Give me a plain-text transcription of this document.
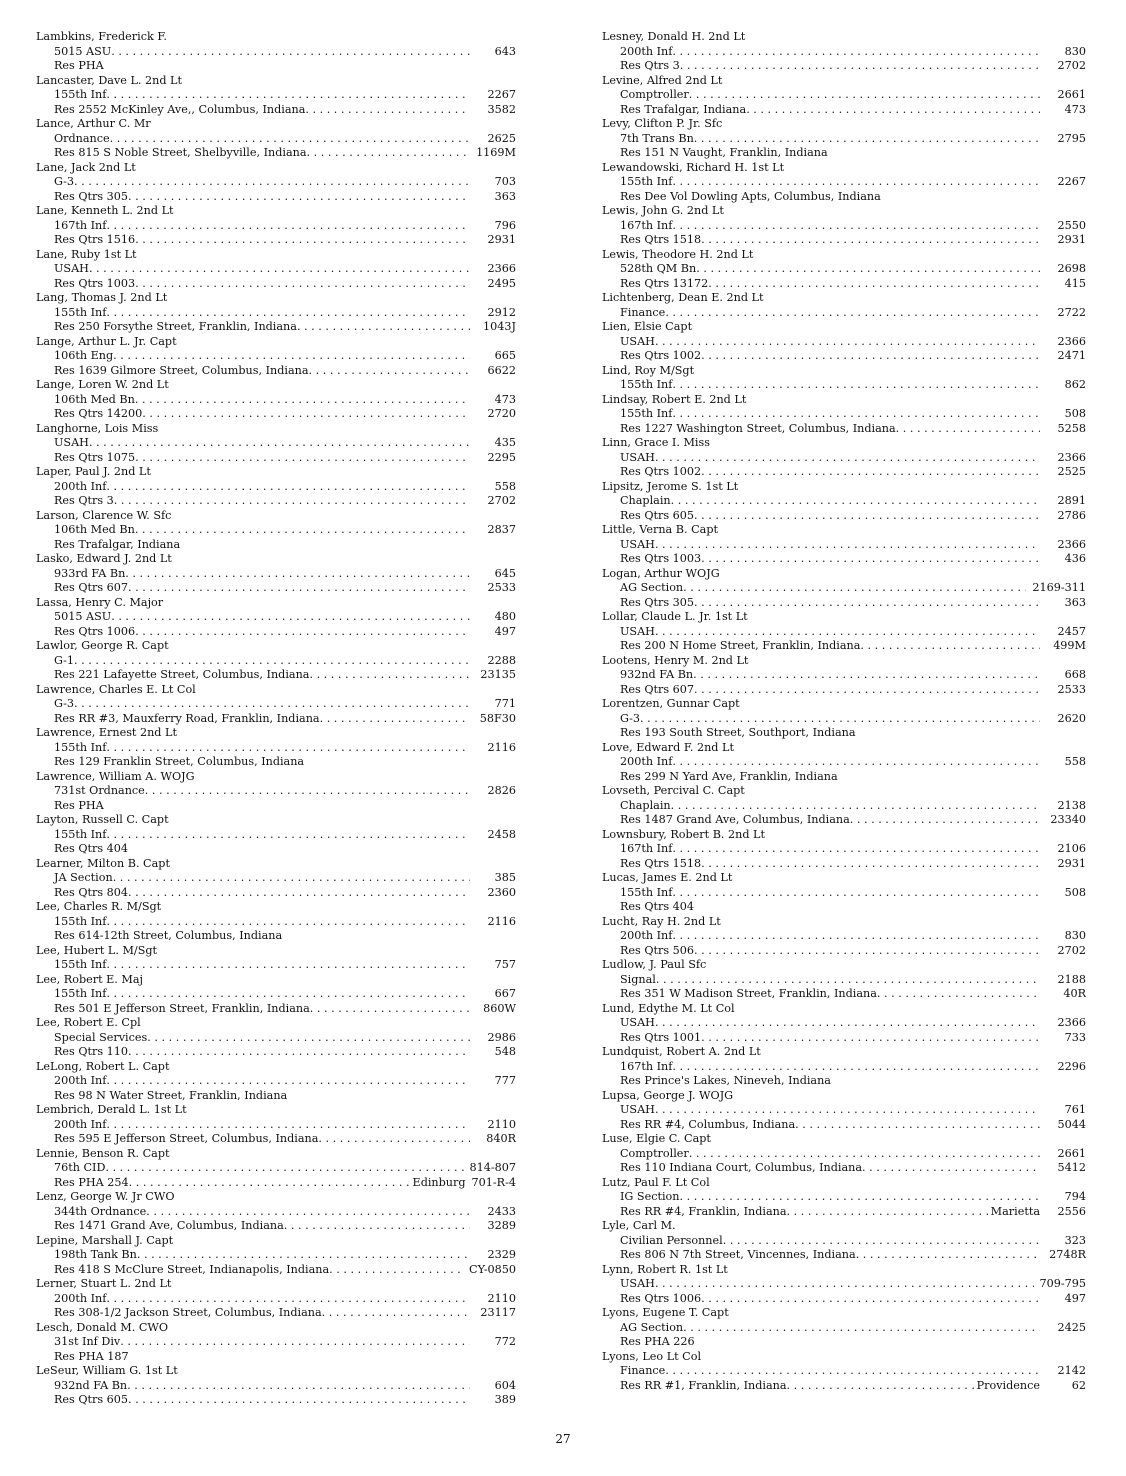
Lambkins, Frederick F.
5015 ASU . . .	643
Res PHA
Lancaster, Dave L. 2nd Lt
155th Inf . . .	2267
Res 2552 McKinley Ave,, Columbus, Indiana . . .	3582
Lance, Arthur C. Mr
Ordnance . . .	2625
Res 815 S Noble Street, Shelbyville, Indiana . . .	1169M
Lane, Jack 2nd Lt
G-3 . . .	703
Res Qtrs 305 . . .	363
Lane, Kenneth L. 2nd Lt
167th Inf . . .	796
Res Qtrs 1516 . . .	2931
Lane, Ruby 1st Lt
USAH . . .	2366
Res Qtrs 1003 . . .	2495
Lang, Thomas J. 2nd Lt
155th Inf . . .	2912
Res 250 Forsythe Street, Franklin, Indiana . . .	1043J
Lange, Arthur L. Jr. Capt
106th Eng . . .	665
Res 1639 Gilmore Street, Columbus, Indiana . . .	6622
Lange, Loren W. 2nd Lt
106th Med Bn . . .	473
Res Qtrs 14200 . . .	2720
Langhorne, Lois Miss
USAH . . .	435
Res Qtrs 1075 . . .	2295
Laper, Paul J. 2nd Lt
200th Inf . . .	558
Res Qtrs 3 . . .	2702
Larson, Clarence W. Sfc
106th Med Bn . . .	2837
Res Trafalgar, Indiana
Lasko, Edward J. 2nd Lt
933rd FA Bn . . .	645
Res Qtrs 607 . . .	2533
Lassa, Henry C. Major
5015 ASU . . .	480
Res Qtrs 1006 . . .	497
Lawlor, George R. Capt
G-1 . . .	2288
Res 221 Lafayette Street, Columbus, Indiana . . .	23135
Lawrence, Charles E. Lt Col
G-3 . . .	771
Res RR #3, Mauxferry Road, Franklin, Indiana . . .	58F30
Lawrence, Ernest 2nd Lt
155th Inf . . .	2116
Res 129 Franklin Street, Columbus, Indiana
Lawrence, William A. WOJG
731st Ordnance . . .	2826
Res PHA
Layton, Russell C. Capt
155th Inf . . .	2458
Res Qtrs 404
Learner, Milton B. Capt
JA Section . . .	385
Res Qtrs 804 . . .	2360
Lee, Charles R. M/Sgt
155th Inf . . .	2116
Res 614-12th Street, Columbus, Indiana
Lee, Hubert L. M/Sgt
155th Inf . . .	757
Lee, Robert E. Maj
155th Inf . . .	667
Res 501 E Jefferson Street, Franklin, Indiana . . .	860W
Lee, Robert E. Cpl
Special Services . . .	2986
Res Qtrs 110 . . .	548
LeLong, Robert L. Capt
200th Inf . . .	777
Res 98 N Water Street, Franklin, Indiana
Lembrich, Derald L. 1st Lt
200th Inf . . .	2110
Res 595 E Jefferson Street, Columbus, Indiana . . .	840R
Lennie, Benson R. Capt
76th CID . . .	814-807
Res PHA 254 . . .	Edinburg 701-R-4
Lenz, George W. Jr CWO
344th Ordnance . . .	2433
Res 1471 Grand Ave, Columbus, Indiana . . .	3289
Lepine, Marshall J. Capt
198th Tank Bn . . .	2329
Res 418 S McClure Street, Indianapolis, Indiana . . .	CY-0850
Lerner, Stuart L. 2nd Lt
200th Inf . . .	2110
Res 308-1/2 Jackson Street, Columbus, Indiana . . .	23117
Lesch, Donald M. CWO
31st Inf Div . . .	772
Res PHA 187
LeSeur, William G. 1st Lt
932nd FA Bn . . .	604
Res Qtrs 605 . . .	389
Lesney, Donald H. 2nd Lt
200th Inf . . .	830
Res Qtrs 3 . . .	2702
Levine, Alfred 2nd Lt
Comptroller . . .	2661
Res Trafalgar, Indiana . . .	473
Levy, Clifton P. Jr. Sfc
7th Trans Bn . . .	2795
Res 151 N Vaught, Franklin, Indiana
Lewandowski, Richard H. 1st Lt
155th Inf . . .	2267
Res Dee Vol Dowling Apts, Columbus, Indiana
Lewis, John G. 2nd Lt
167th Inf . . .	2550
Res Qtrs 1518 . . .	2931
Lewis, Theodore H. 2nd Lt
528th QM Bn . . .	2698
Res Qtrs 13172 . . .	415
Lichtenberg, Dean E. 2nd Lt
Finance . . .	2722
Lien, Elsie Capt
USAH . . .	2366
Res Qtrs 1002 . . .	2471
Lind, Roy M/Sgt
155th Inf . . .	862
Lindsay, Robert E. 2nd Lt
155th Inf . . .	508
Res 1227 Washington Street, Columbus, Indiana . . .	5258
Linn, Grace I. Miss
USAH . . .	2366
Res Qtrs 1002 . . .	2525
Lipsitz, Jerome S. 1st Lt
Chaplain . . .	2891
Res Qtrs 605 . . .	2786
Little, Verna B. Capt
USAH . . .	2366
Res Qtrs 1003 . . .	436
Logan, Arthur WOJG
AG Section . . .	2169-311
Res Qtrs 305 . . .	363
Lollar, Claude L. Jr. 1st Lt
USAH . . .	2457
Res 200 N Home Street, Franklin, Indiana . . .	499M
Lootens, Henry M. 2nd Lt
932nd FA Bn . . .	668
Res Qtrs 607 . . .	2533
Lorentzen, Gunnar Capt
G-3 . . .	2620
Res 193 South Street, Southport, Indiana
Love, Edward F. 2nd Lt
200th Inf . . .	558
Res 299 N Yard Ave, Franklin, Indiana
Lovseth, Percival C. Capt
Chaplain . . .	2138
Res 1487 Grand Ave, Columbus, Indiana . . .	23340
Lownsbury, Robert B. 2nd Lt
167th Inf . . .	2106
Res Qtrs 1518 . . .	2931
Lucas, James E. 2nd Lt
155th Inf . . .	508
Res Qtrs 404
Lucht, Ray H. 2nd Lt
200th Inf . . .	830
Res Qtrs 506 . . .	2702
Ludlow, J. Paul Sfc
Signal . . .	2188
Res 351 W Madison Street, Franklin, Indiana . . .	40R
Lund, Edythe M. Lt Col
USAH . . .	2366
Res Qtrs 1001 . . .	733
Lundquist, Robert A. 2nd Lt
167th Inf . . .	2296
Res Prince's Lakes, Nineveh, Indiana
Lupsa, George J. WOJG
USAH . . .	761
Res RR #4, Columbus, Indiana . . .	5044
Luse, Elgie C. Capt
Comptroller . . .	2661
Res 110 Indiana Court, Columbus, Indiana . . .	5412
Lutz, Paul F. Lt Col
IG Section . . .	794
Res RR #4, Franklin, Indiana . . .	Marietta	2556
Lyle, Carl M.
Civilian Personnel . . .	323
Res 806 N 7th Street, Vincennes, Indiana . . .	2748R
Lynn, Robert R. 1st Lt
USAH . . .	709-795
Res Qtrs 1006 . . .	497
Lyons, Eugene T. Capt
AG Section . . .	2425
Res PHA 226
Lyons, Leo Lt Col
Finance . . .	2142
Res RR #1, Franklin, Indiana . . .	Providence	62
27
